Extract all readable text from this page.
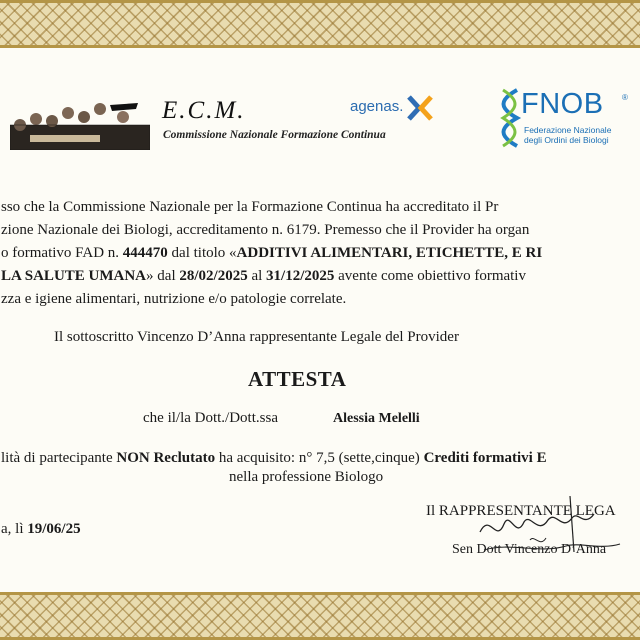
E.C.M.
Commissione Nazionale Formazione Continua
agenas.	FNOB ®
Federazione Nazionale
degli Ordini dei Biologi
sso che la Commissione Nazionale per la Formazione Continua ha accreditato il Pr
zione Nazionale dei Biologi, accreditamento n. 6179. Premesso che il Provider ha organ
o formativo FAD n. 444470 dal titolo «ADDITIVI ALIMENTARI, ETICHETTE, E RI
LA SALUTE UMANA» dal 28/02/2025 al 31/12/2025 avente come obiettivo formativ
zza e igiene alimentari, nutrizione e/o patologie correlate.
Il sottoscritto Vincenzo D’Anna rappresentante Legale del Provider
ATTESTA
che il/la Dott./Dott.ssa	Alessia Melelli
lità di partecipante NON Reclutato ha acquisito: n° 7,5 (sette,cinque) Crediti formativi E
nella professione Biologo
a, lì 19/06/25
Il RAPPRESENTANTE LEGA
Sen Dott Vincenzo D’Anna
